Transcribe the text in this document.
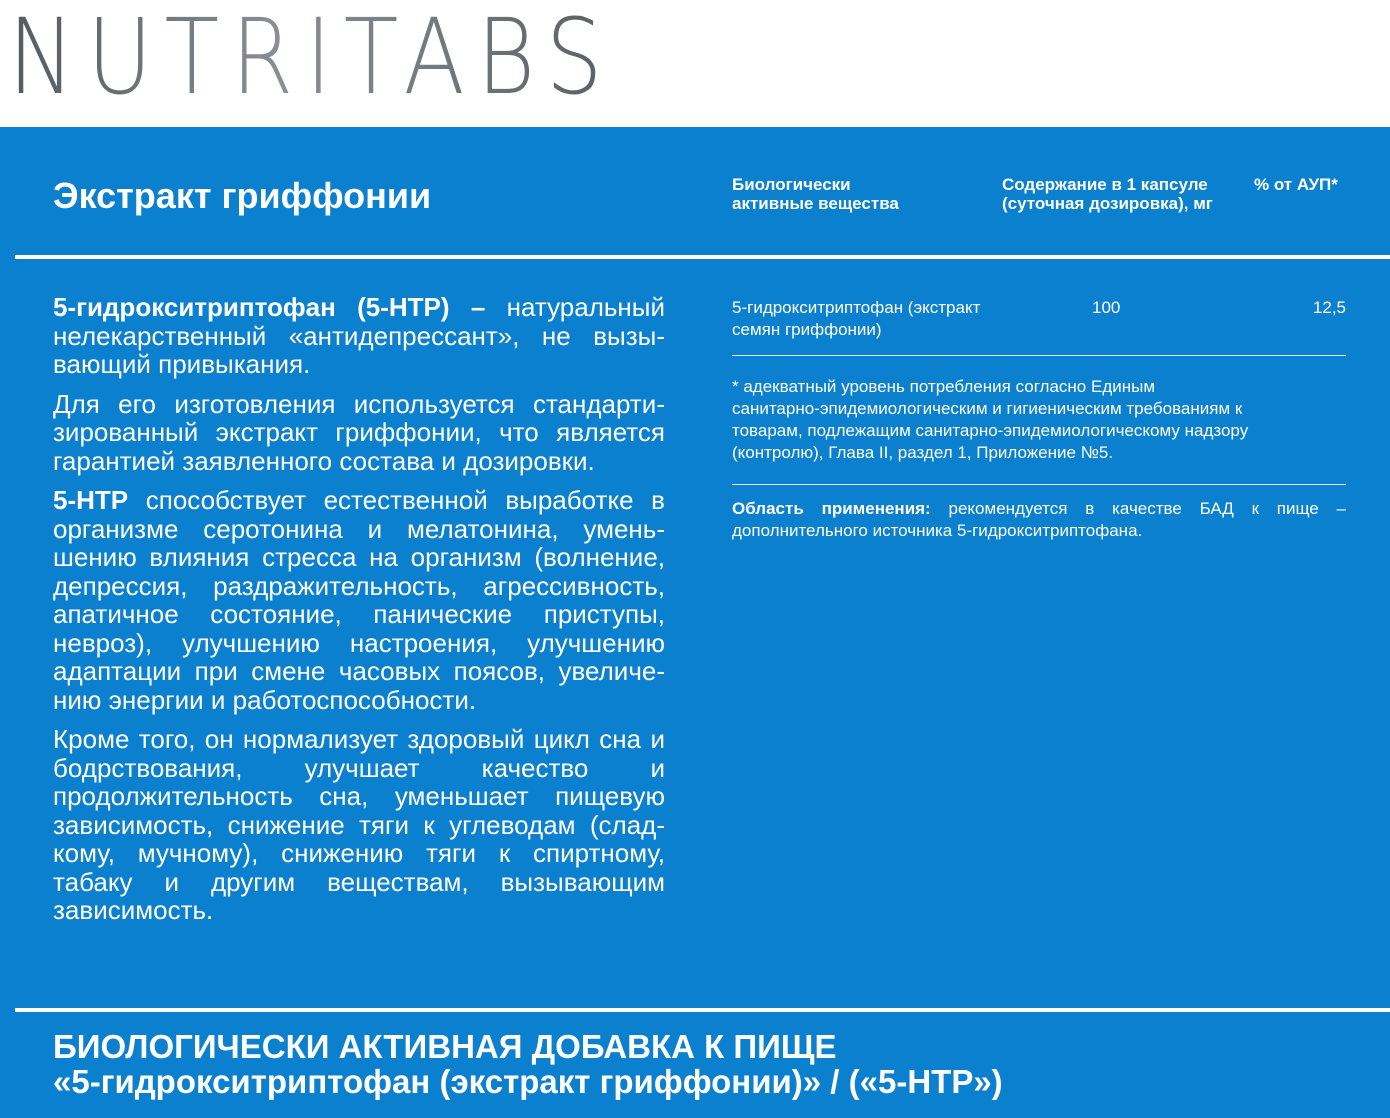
NUTRITABS
Экстракт гриффонии	Биологически
активные вещества
Содержание в 1 капсуле
(суточная дозировка), мг
% от АУП*

5-гидрокситриптофан (5-HTP) – натуральный нелекарственный «антидепрессант», не вызывающий привыкания.

Для его изготовления используется стандартизированный экстракт гриффонии, что является гарантией заявленного состава и дозировки.

5-HTP способствует естественной выработке в организме серотонина и мелатонина, уменьшению влияния стресса на организм (волнение, депрессия, раздражительность, агрессивность, апатичное состояние, панические приступы, невроз), улучшению настроения, улучшению адаптации при смене часовых поясов, увеличению энергии и работоспособности.

Кроме того, он нормализует здоровый цикл сна и бодрствования, улучшает качество и продолжительность сна, уменьшает пищевую зависимость, снижение тяги к углеводам (сладкому, мучному), снижению тяги к спиртному, табаку и другим веществам, вызывающим зависимость.

5-гидрокситриптофан (экстракт
семян гриффонии)
100	12,5
* адекватный уровень потребления согласно Единым
санитарно-эпидемиологическим и гигиеническим требованиям к
товарам, подлежащим санитарно-эпидемиологическому надзору
(контролю), Глава II, раздел 1, Приложение №5.
Область применения: рекомендуется в качестве БАД к пище – дополнительного источника 5-гидрокситриптофана.
БИОЛОГИЧЕСКИ АКТИВНАЯ ДОБАВКА К ПИЩЕ
«5-гидрокситриптофан (экстракт гриффонии)» / («5-HTP»)
